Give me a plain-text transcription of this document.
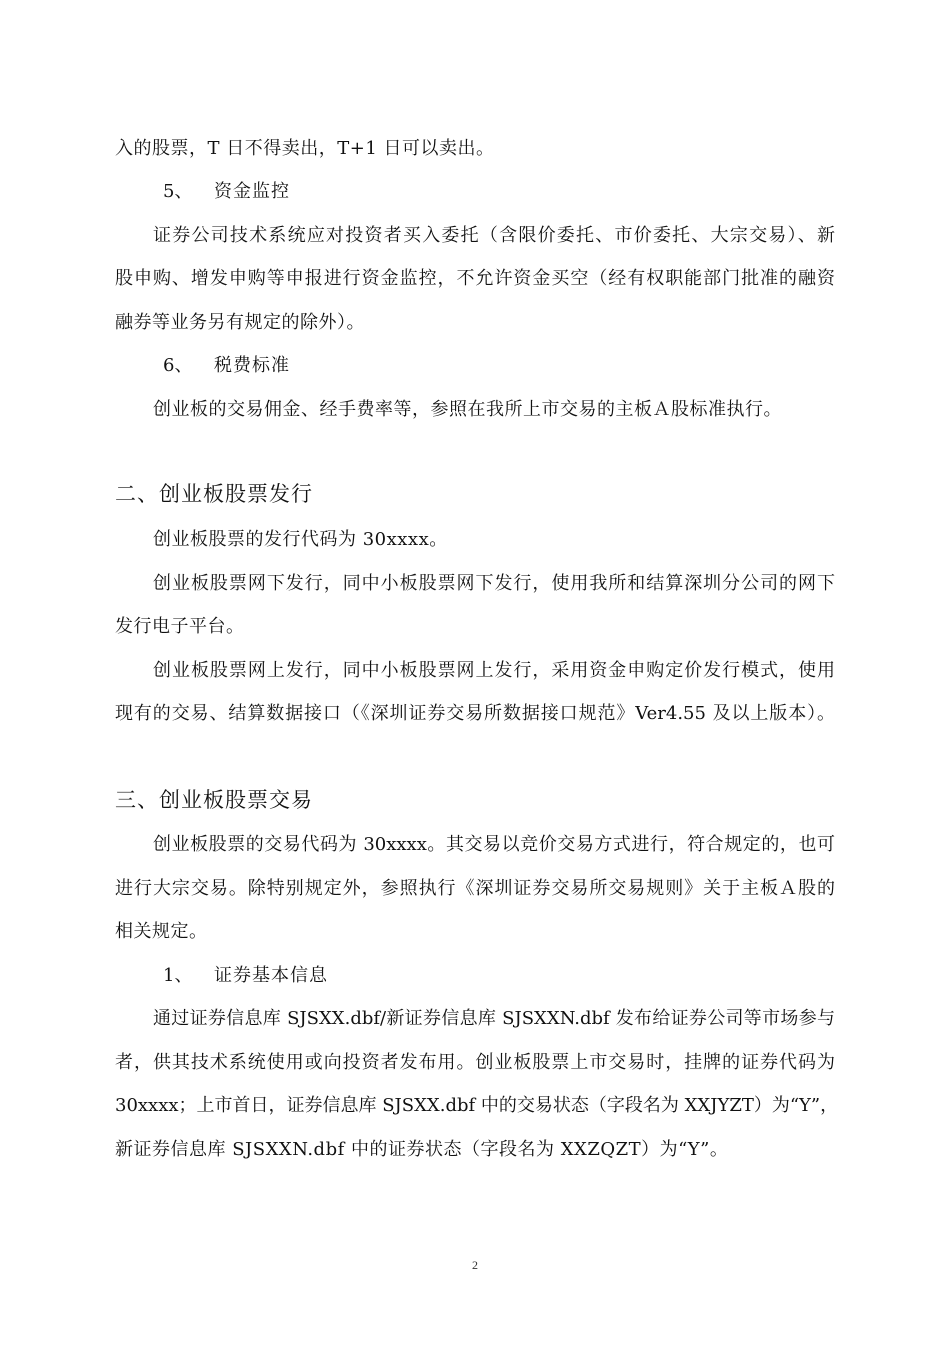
入的股票，T 日不得卖出，T+1 日可以卖出。
5、 资金监控
证券公司技术系统应对投资者买入委托（含限价委托、市价委托、大宗交易）、新
股申购、增发申购等申报进行资金监控，不允许资金买空（经有权职能部门批准的融资
融券等业务另有规定的除外）。
6、 税费标准
创业板的交易佣金、经手费率等，参照在我所上市交易的主板Ａ股标准执行。
二、创业板股票发行
创业板股票的发行代码为 30xxxx。
创业板股票网下发行，同中小板股票网下发行，使用我所和结算深圳分公司的网下
发行电子平台。
创业板股票网上发行，同中小板股票网上发行，采用资金申购定价发行模式，使用
现有的交易、结算数据接口（《深圳证券交易所数据接口规范》Ver4.55 及以上版本）。
三、创业板股票交易
创业板股票的交易代码为 30xxxx。其交易以竞价交易方式进行，符合规定的，也可
进行大宗交易。除特别规定外，参照执行《深圳证券交易所交易规则》关于主板Ａ股的
相关规定。
1、 证券基本信息
通过证券信息库 SJSXX.dbf/新证券信息库 SJSXXN.dbf 发布给证券公司等市场参与
者，供其技术系统使用或向投资者发布用。创业板股票上市交易时，挂牌的证券代码为
30xxxx；上市首日，证券信息库 SJSXX.dbf 中的交易状态（字段名为 XXJYZT）为“Y”，
新证券信息库 SJSXXN.dbf 中的证券状态（字段名为 XXZQZT）为“Y”。
2
